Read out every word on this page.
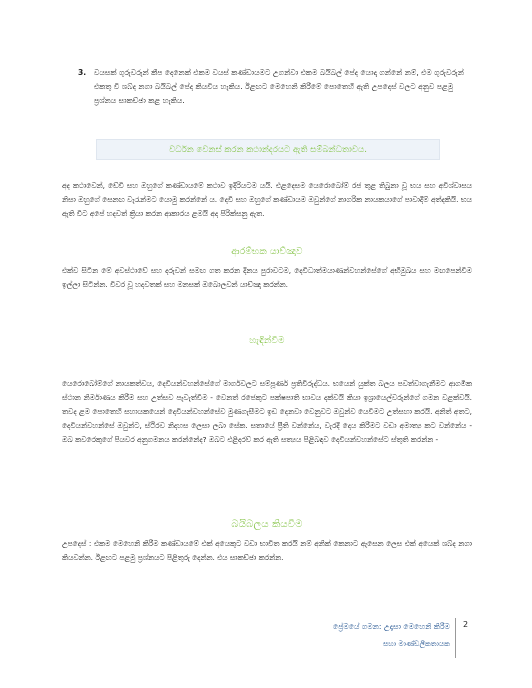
3.	වයසක් ගුරුවරුන් කීප දෙනෙක් එකම වයස් කණ්ඩායමට උගන්වා එකම බයිබල් පේද යොදා ගන්නේ නම්, එම ගුරුවරුන් එකතු වී ශබ්ද නගා බයිබල් පේද කියවිය හැකිය. ඊළඟට මෙහෙනි කිරීමේ පොතෙහි ඇති උපදෙස් වලට අනුව පළමු ප්‍රශ්නය සාකච්ඡා කළ හැකිය.
වර්ධන වෙනස් කරන කථාන්දරයට ඇති සම්බන්ධතාවය.
අද කථාවෙන්, ඩේවි සහ ඔහුගේ කණ්ඩායමේ කථාව ඉදිරියටම යයි. එළදෙසම යෙරොබෝම් රජ තුළ තිබුනා වූ භය සහ අවිශ්වාසය නිසා ඔහුගේ සෙනඟ වැරැන්මට යොමු කරන්නේ ය. දෙවි සහ ඔහුගේ කණ්ඩායම ඔවුන්ගේ නාගරික නායකයාගේ පාවාදීම් අත්දකියි. භය ඇති විට අපේ හදවත් ක්‍රියා කරන ආකාරය ළමයි අද පිරික්සනු ඇත.
ආරම්භක යාච්ඤාව
එක්ව සිටින මේ අවස්ථාවේ සහ දරුවන් සමඟ ගත කරන දිනය පුරාවටම, දෙවිධාත්මයාණන්වහන්සේගේ අභිමුඛය සහ මඟපෙන්වීම ඉල්ලා සිටින්න. විවර වූ හදවතක් සහ මනසක් ඔබොලවන් යාච්ඤා කරන්න.
හැඳින්වීම
යෙරොබෝම්ගේ නායකත්වය, දෙවියන්වහන්සේගේ මාර්ගවලට සම්පූර්ණ ප්‍රතිවිරුද්ධය. භයෙන් යුක්ත බලය පවත්වාගැනීමට ආගමික ස්ථාන නිර්මාණය කිරීම සහ උත්සව පැවැත්වීම - වෙනත් රජෙකුට පක්ෂපාති භාවය දක්වයි කියා ඉශ්‍රායෙල්වරුන්ගේ ගමන වළක්වයි. තවද ළම පොතෙහි සහායකයෙන් දෙවියන්වහන්සේව මුණගැසීමට ඉඩ දෙනවා වෙනුවට ඔවුන්ව යෙවීමට උත්සහා කරයි. අනිත් අතට, දෙවියන්වහන්සේ ඔවුන්ට, ස්ථිරව නිදහස ලෙසා ලබා සේක. සතායේ ප්‍රීති වන්නේය, වැරදි දෙය කිරීමට වඩා අමාත්‍ය කට වන්නේය - ඔබ කවරෙකුගේ පියවර අනුගමනය කරන්නේද? ඔබට එළිදරව් කර ඇති සත්‍යය පිළිබඳව දෙවියන්වහන්සේට ස්තුති කරන්න -
බයිබලය කියවීම
උපදෙස් : එකම මෙහෙනි කිරීම කණ්ඩායමේ එක් අයෙකුට වඩා භාවිත කරයි නම් අනික් කෙනාට ඇසෙන ලෙස එක් අයෙක් ශබ්ද නගා කියවන්න. ඊළඟට පළමු ප්‍රශ්නයට පිළිතුරු දෙන්න. එය සාකච්ඡා කරන්න.
ප්‍රේමයේ ගමන: උදෑසා මෙහෙනි කිරීම
සහා මාණ්ඩලීකතායක
2
